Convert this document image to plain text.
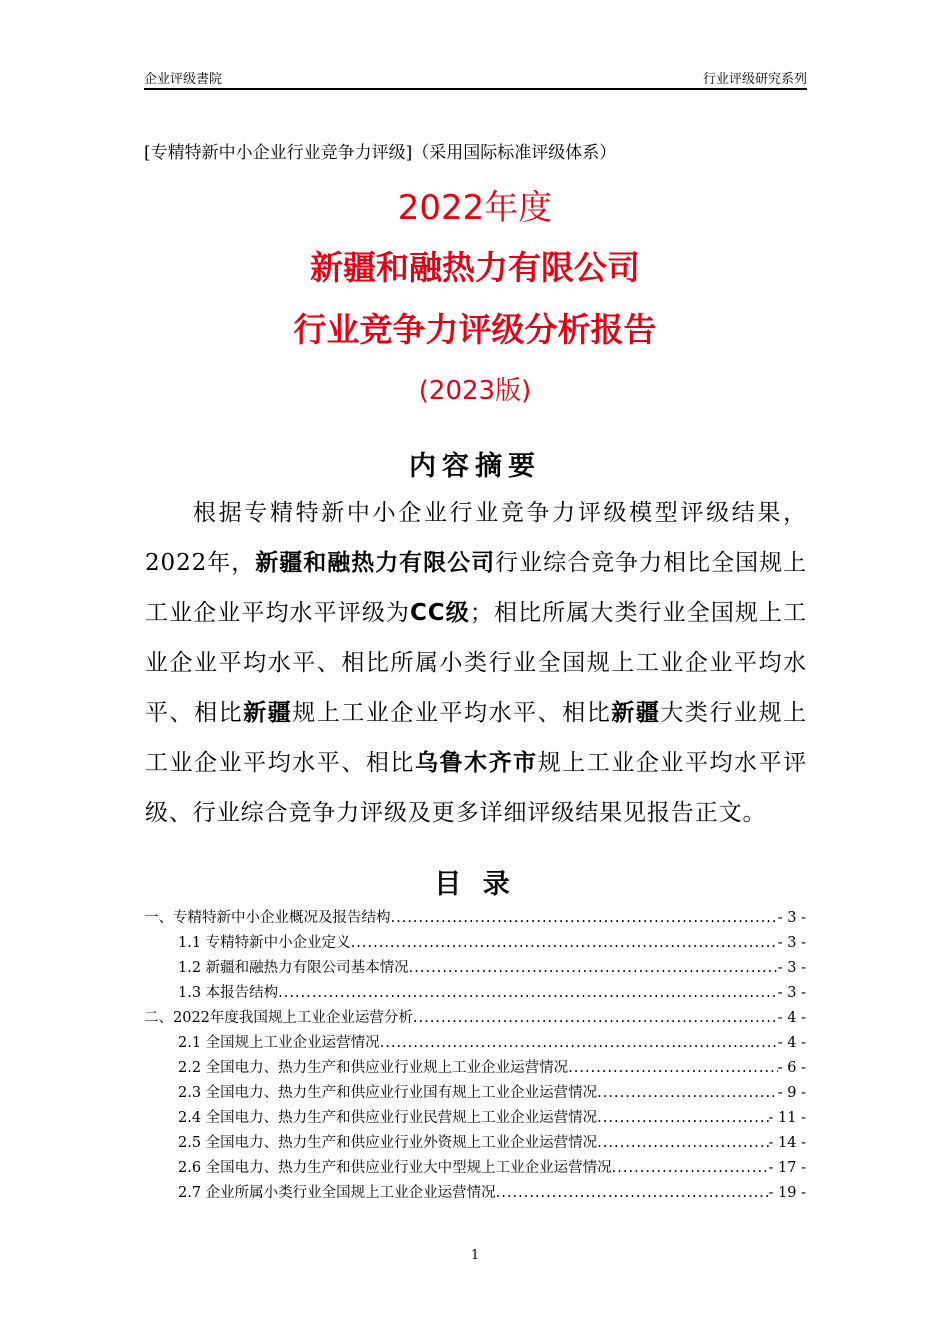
企业评级書院	行业评级研究系列
[专精特新中小企业行业竞争力评级]（采用国际标准评级体系）
2022年度
新疆和融热力有限公司
行业竞争力评级分析报告
(2023版)
内容摘要
根据专精特新中小企业行业竞争力评级模型评级结果，2022年，新疆和融热力有限公司行业综合竞争力相比全国规上工业企业平均水平评级为CC级；相比所属大类行业全国规上工业企业平均水平、相比所属小类行业全国规上工业企业平均水平、相比新疆规上工业企业平均水平、相比新疆大类行业规上工业企业平均水平、相比乌鲁木齐市规上工业企业平均水平评级、行业综合竞争力评级及更多详细评级结果见报告正文。
目 录
一、专精特新中小企业概况及报告结构 .....	- 3 -
1.1 专精特新中小企业定义 .....	- 3 -
1.2 新疆和融热力有限公司基本情况 .....	- 3 -
1.3 本报告结构 .....	- 3 -
二、2022年度我国规上工业企业运营分析 .....	- 4 -
2.1 全国规上工业企业运营情况 .....	- 4 -
2.2 全国电力、热力生产和供应业行业规上工业企业运营情况 .....	- 6 -
2.3 全国电力、热力生产和供应业行业国有规上工业企业运营情况 .....	- 9 -
2.4 全国电力、热力生产和供应业行业民营规上工业企业运营情况 .....	- 11 -
2.5 全国电力、热力生产和供应业行业外资规上工业企业运营情况 .....	- 14 -
2.6 全国电力、热力生产和供应业行业大中型规上工业企业运营情况 .....	- 17 -
2.7 企业所属小类行业全国规上工业企业运营情况 .....	- 19 -
1
